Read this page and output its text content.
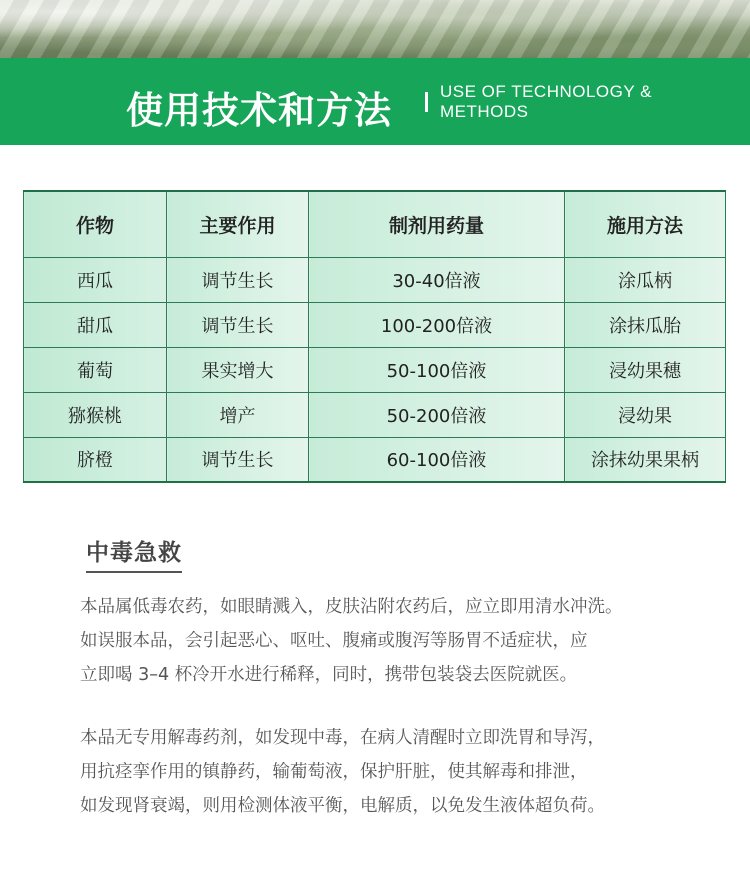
使用技术和方法	USE OF TECHNOLOGY & METHODS
作物	主要作用	制剂用药量	施用方法
西瓜	调节生长	30-40倍液	涂瓜柄
甜瓜	调节生长	100-200倍液	涂抹瓜胎
葡萄	果实增大	50-100倍液	浸幼果穗
猕猴桃	增产	50-200倍液	浸幼果
脐橙	调节生长	60-100倍液	涂抹幼果果柄
中毒急救

本品属低毒农药，如眼睛溅入，皮肤沾附农药后，应立即用清水冲洗。

如误服本品，会引起恶心、呕吐、腹痛或腹泻等肠胃不适症状，应

立即喝 3–4 杯冷开水进行稀释，同时，携带包装袋去医院就医。

本品无专用解毒药剂，如发现中毒，在病人清醒时立即洗胃和导泻，

用抗痉挛作用的镇静药，输葡萄液，保护肝脏，使其解毒和排泄，

如发现肾衰竭，则用检测体液平衡，电解质，以免发生液体超负荷。
